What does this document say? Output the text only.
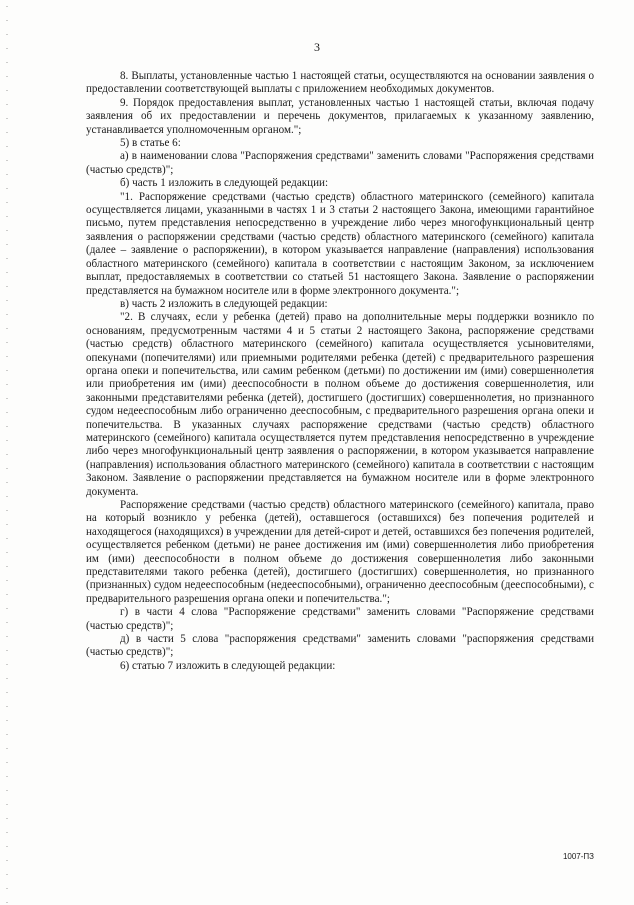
3

8. Выплаты, установленные частью 1 настоящей статьи, осуществляются на основании заявления о предоставлении соответствующей выплаты с приложением необходимых документов.

9. Порядок предоставления выплат, установленных частью 1 настоящей статьи, включая подачу заявления об их предоставлении и перечень документов, прилагаемых к указанному заявлению, устанавливается уполномоченным органом.";

5) в статье 6:

а) в наименовании слова "Распоряжения средствами" заменить словами "Распоряжения средствами (частью средств)";

б) часть 1 изложить в следующей редакции:

"1. Распоряжение средствами (частью средств) областного материнского (семейного) капитала осуществляется лицами, указанными в частях 1 и 3 статьи 2 настоящего Закона, имеющими гарантийное письмо, путем представления непосредственно в учреждение либо через многофункциональный центр заявления о распоряжении средствами (частью средств) областного материнского (семейного) капитала (далее – заявление о распоряжении), в котором указывается направление (направления) использования областного материнского (семейного) капитала в соответствии с настоящим Законом, за исключением выплат, предоставляемых в соответствии со статьей 51 настоящего Закона. Заявление о распоряжении представляется на бумажном носителе или в форме электронного документа.";

в) часть 2 изложить в следующей редакции:

"2. В случаях, если у ребенка (детей) право на дополнительные меры поддержки возникло по основаниям, предусмотренным частями 4 и 5 статьи 2 настоящего Закона, распоряжение средствами (частью средств) областного материнского (семейного) капитала осуществляется усыновителями, опекунами (попечителями) или приемными родителями ребенка (детей) с предварительного разрешения органа опеки и попечительства, или самим ребенком (детьми) по достижении им (ими) совершеннолетия или приобретения им (ими) дееспособности в полном объеме до достижения совершеннолетия, или законными представителями ребенка (детей), достигшего (достигших) совершеннолетия, но признанного судом недееспособным либо ограниченно дееспособным, с предварительного разрешения органа опеки и попечительства. В указанных случаях распоряжение средствами (частью средств) областного материнского (семейного) капитала осуществляется путем представления непосредственно в учреждение либо через многофункциональный центр заявления о распоряжении, в котором указывается направление (направления) использования областного материнского (семейного) капитала в соответствии с настоящим Законом. Заявление о распоряжении представляется на бумажном носителе или в форме электронного документа.

Распоряжение средствами (частью средств) областного материнского (семейного) капитала, право на который возникло у ребенка (детей), оставшегося (оставшихся) без попечения родителей и находящегося (находящихся) в учреждении для детей-сирот и детей, оставшихся без попечения родителей, осуществляется ребенком (детьми) не ранее достижения им (ими) совершеннолетия либо приобретения им (ими) дееспособности в полном объеме до достижения совершеннолетия либо законными представителями такого ребенка (детей), достигшего (достигших) совершеннолетия, но признанного (признанных) судом недееспособным (недееспособными), ограниченно дееспособным (дееспособными), с предварительного разрешения органа опеки и попечительства.";

г) в части 4 слова "Распоряжение средствами" заменить словами "Распоряжение средствами (частью средств)";

д) в части 5 слова "распоряжения средствами" заменить словами "распоряжения средствами (частью средств)";

6) статью 7 изложить в следующей редакции:

1007-ПЗ
